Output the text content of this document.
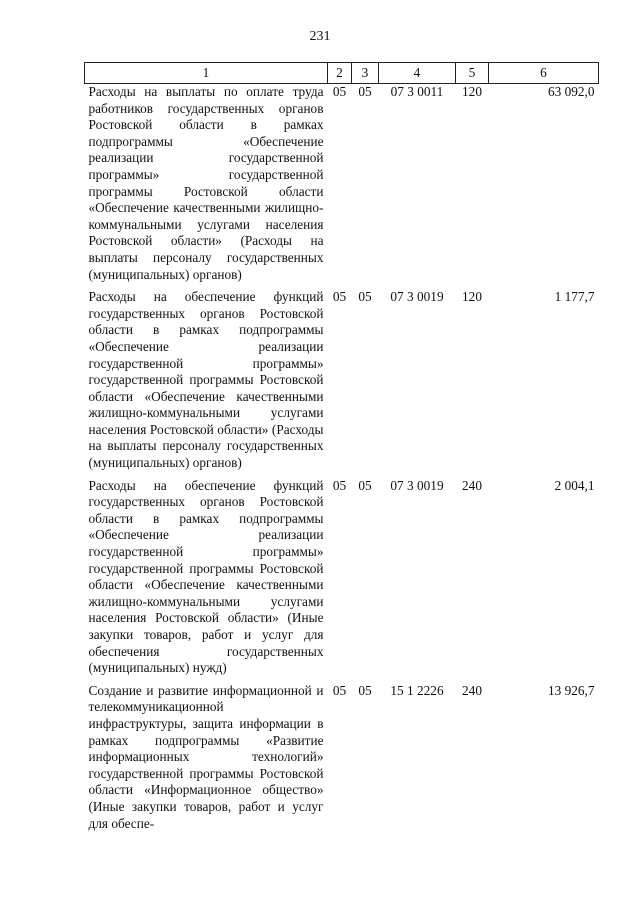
231
1	2	3	4	5	6
Расходы на выплаты по оплате труда работников государственных органов Ростовской области в рамках подпрограммы «Обеспечение реализации государственной программы» государственной программы Ростовской области «Обеспечение качественными жилищно-коммунальными услугами населения Ростовской области» (Расходы на выплаты персоналу государственных (муниципальных) органов)	05	05	07 3 0011	120	63 092,0
Расходы на обеспечение функций государственных органов Ростовской области в рамках подпрограммы «Обеспечение реализации государственной программы» государственной программы Ростовской области «Обеспечение качественными жилищно-коммунальными услугами населения Ростовской области» (Расходы на выплаты персоналу государственных (муниципальных) органов)	05	05	07 3 0019	120	1 177,7
Расходы на обеспечение функций государственных органов Ростовской области в рамках подпрограммы «Обеспечение реализации государственной программы» государственной программы Ростовской области «Обеспечение качественными жилищно-коммунальными услугами населения Ростовской области» (Иные закупки товаров, работ и услуг для обеспечения государственных (муниципальных) нужд)	05	05	07 3 0019	240	2 004,1
Создание и развитие информационной и телекоммуникационной инфраструктуры, защита информации в рамках подпрограммы «Развитие информационных технологий» государственной программы Ростовской области «Информационное общество» (Иные закупки товаров, работ и услуг для обеспе-	05	05	15 1 2226	240	13 926,7
